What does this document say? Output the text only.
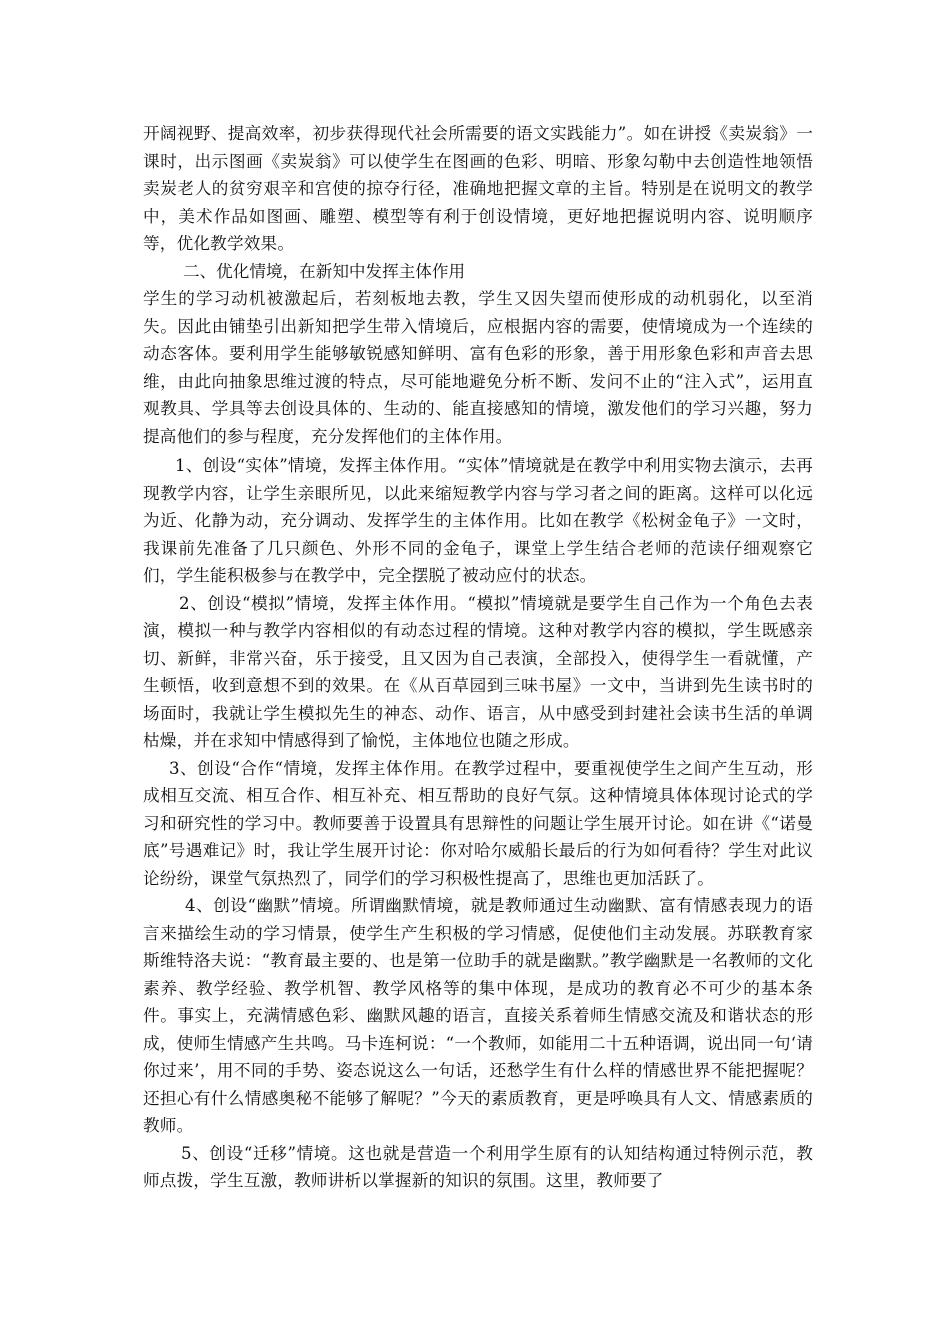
开阔视野、提高效率，初步获得现代社会所需要的语文实践能力”。如在讲授《卖炭翁》一课时，出示图画《卖炭翁》可以使学生在图画的色彩、明暗、形象勾勒中去创造性地领悟卖炭老人的贫穷艰辛和宫使的掠夺行径，准确地把握文章的主旨。特别是在说明文的教学中，美术作品如图画、雕塑、模型等有利于创设情境，更好地把握说明内容、说明顺序等，优化教学效果。

二、优化情境，在新知中发挥主体作用

学生的学习动机被激起后，若刻板地去教，学生又因失望而使形成的动机弱化，以至消失。因此由铺垫引出新知把学生带入情境后，应根据内容的需要，使情境成为一个连续的动态客体。要利用学生能够敏锐感知鲜明、富有色彩的形象，善于用形象色彩和声音去思维，由此向抽象思维过渡的特点，尽可能地避免分析不断、发问不止的“注入式”，运用直观教具、学具等去创设具体的、生动的、能直接感知的情境，激发他们的学习兴趣，努力提高他们的参与程度，充分发挥他们的主体作用。

1、创设“实体”情境，发挥主体作用。“实体”情境就是在教学中利用实物去演示，去再现教学内容，让学生亲眼所见，以此来缩短教学内容与学习者之间的距离。这样可以化远为近、化静为动，充分调动、发挥学生的主体作用。比如在教学《松树金龟子》一文时，我课前先准备了几只颜色、外形不同的金龟子，课堂上学生结合老师的范读仔细观察它们，学生能积极参与在教学中，完全摆脱了被动应付的状态。

2、创设“模拟”情境，发挥主体作用。“模拟”情境就是要学生自己作为一个角色去表演，模拟一种与教学内容相似的有动态过程的情境。这种对教学内容的模拟，学生既感亲切、新鲜，非常兴奋，乐于接受，且又因为自己表演，全部投入，使得学生一看就懂，产生顿悟，收到意想不到的效果。在《从百草园到三味书屋》一文中，当讲到先生读书时的场面时，我就让学生模拟先生的神态、动作、语言，从中感受到封建社会读书生活的单调枯燥，并在求知中情感得到了愉悦，主体地位也随之形成。

3、创设“合作“情境，发挥主体作用。在教学过程中，要重视使学生之间产生互动，形成相互交流、相互合作、相互补充、相互帮助的良好气氛。这种情境具体体现讨论式的学习和研究性的学习中。教师要善于设置具有思辩性的问题让学生展开讨论。如在讲《“诺曼底”号遇难记》时，我让学生展开讨论：你对哈尔威船长最后的行为如何看待？学生对此议论纷纷，课堂气氛热烈了，同学们的学习积极性提高了，思维也更加活跃了。

4、创设“幽默”情境。所谓幽默情境，就是教师通过生动幽默、富有情感表现力的语言来描绘生动的学习情景，使学生产生积极的学习情感，促使他们主动发展。苏联教育家斯维特洛夫说：“教育最主要的、也是第一位助手的就是幽默。”教学幽默是一名教师的文化素养、教学经验、教学机智、教学风格等的集中体现，是成功的教育必不可少的基本条件。事实上，充满情感色彩、幽默风趣的语言，直接关系着师生情感交流及和谐状态的形成，使师生情感产生共鸣。马卡连柯说：“一个教师，如能用二十五种语调，说出同一句‘请你过来’，用不同的手势、姿态说这么一句话，还愁学生有什么样的情感世界不能把握呢？还担心有什么情感奥秘不能够了解呢？”今天的素质教育，更是呼唤具有人文、情感素质的教师。

5、创设“迁移”情境。这也就是营造一个利用学生原有的认知结构通过特例示范，教师点拨，学生互激，教师讲析以掌握新的知识的氛围。这里，教师要了
